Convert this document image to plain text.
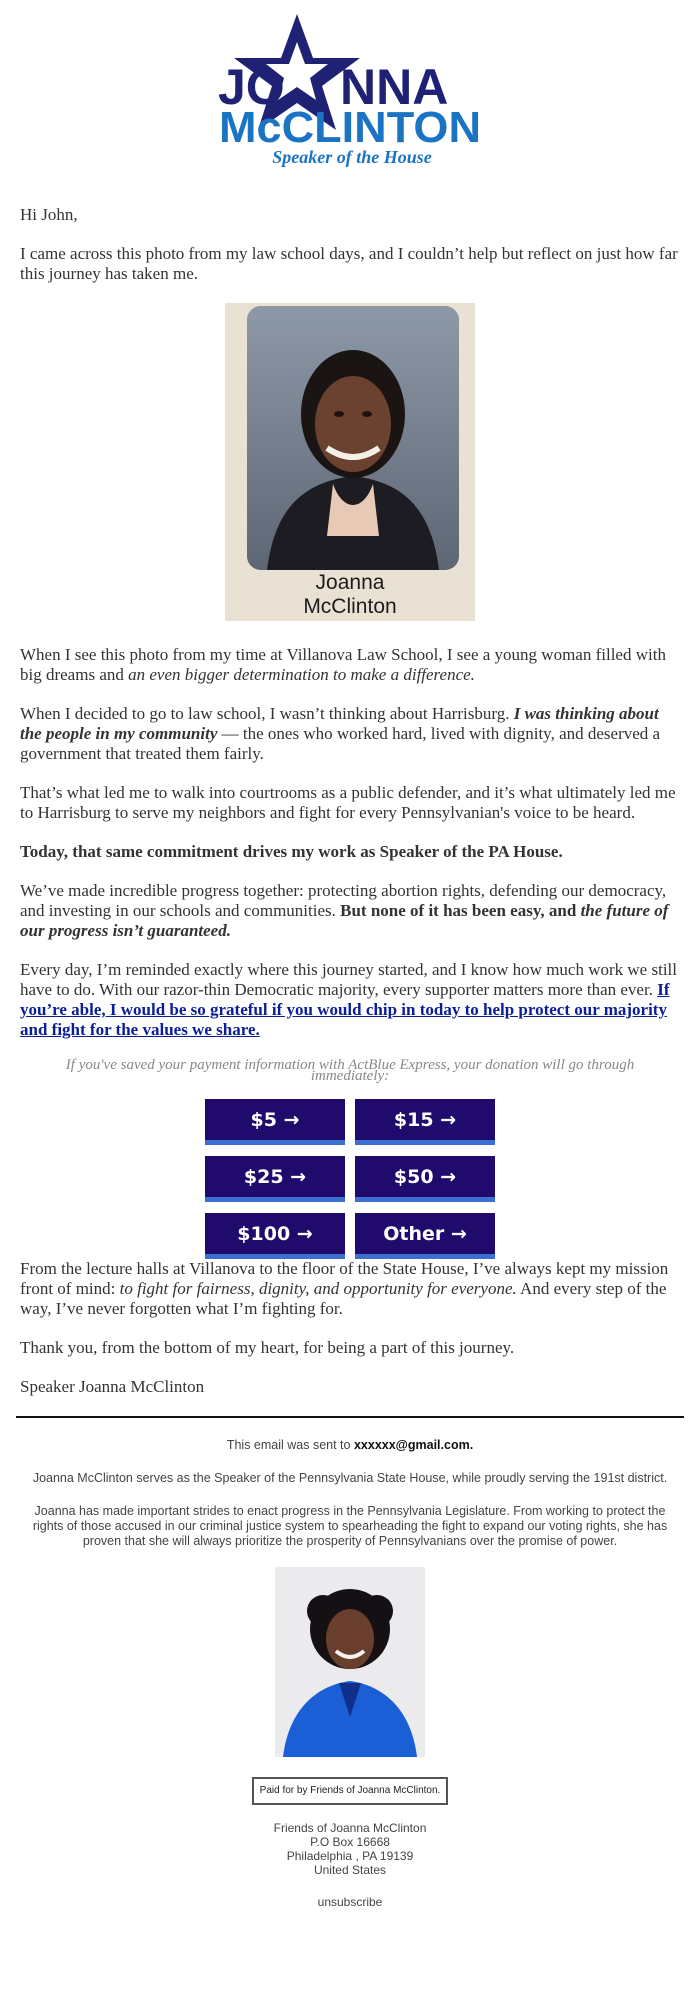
JO NNA
McCLINTON
Speaker of the House

Hi John,

I came across this photo from my law school days, and I couldn’t help but reflect on just how far this journey has taken me.

Joanna
McClinton

When I see this photo from my time at Villanova Law School, I see a young woman filled with big dreams and an even bigger determination to make a difference.

When I decided to go to law school, I wasn’t thinking about Harrisburg. I was thinking about the people in my community — the ones who worked hard, lived with dignity, and deserved a government that treated them fairly.

That’s what led me to walk into courtrooms as a public defender, and it’s what ultimately led me to Harrisburg to serve my neighbors and fight for every Pennsylvanian's voice to be heard.

Today, that same commitment drives my work as Speaker of the PA House.

We’ve made incredible progress together: protecting abortion rights, defending our democracy, and investing in our schools and communities. But none of it has been easy, and the future of our progress isn’t guaranteed.

Every day, I’m reminded exactly where this journey started, and I know how much work we still have to do. With our razor-thin Democratic majority, every supporter matters more than ever. If you’re able, I would be so grateful if you would chip in today to help protect our majority and fight for the values we share.

If you've saved your payment information with ActBlue Express, your donation will go through immediately:
$5 →	$15 →
$25 →	$50 →
$100 →	Other →

From the lecture halls at Villanova to the floor of the State House, I’ve always kept my mission front of mind: to fight for fairness, dignity, and opportunity for everyone. And every step of the way, I’ve never forgotten what I’m fighting for.

Thank you, from the bottom of my heart, for being a part of this journey.

Speaker Joanna McClinton

This email was sent to xxxxxx@gmail.com.

Joanna McClinton serves as the Speaker of the Pennsylvania State House, while proudly serving the 191st district.

Joanna has made important strides to enact progress in the Pennsylvania Legislature. From working to protect the rights of those accused in our criminal justice system to spearheading the fight to expand our voting rights, she has proven that she will always prioritize the prosperity of Pennsylvanians over the promise of power.

Paid for by Friends of Joanna McClinton.
Friends of Joanna McClinton
P.O Box 16668
Philadelphia , PA 19139
United States
unsubscribe
